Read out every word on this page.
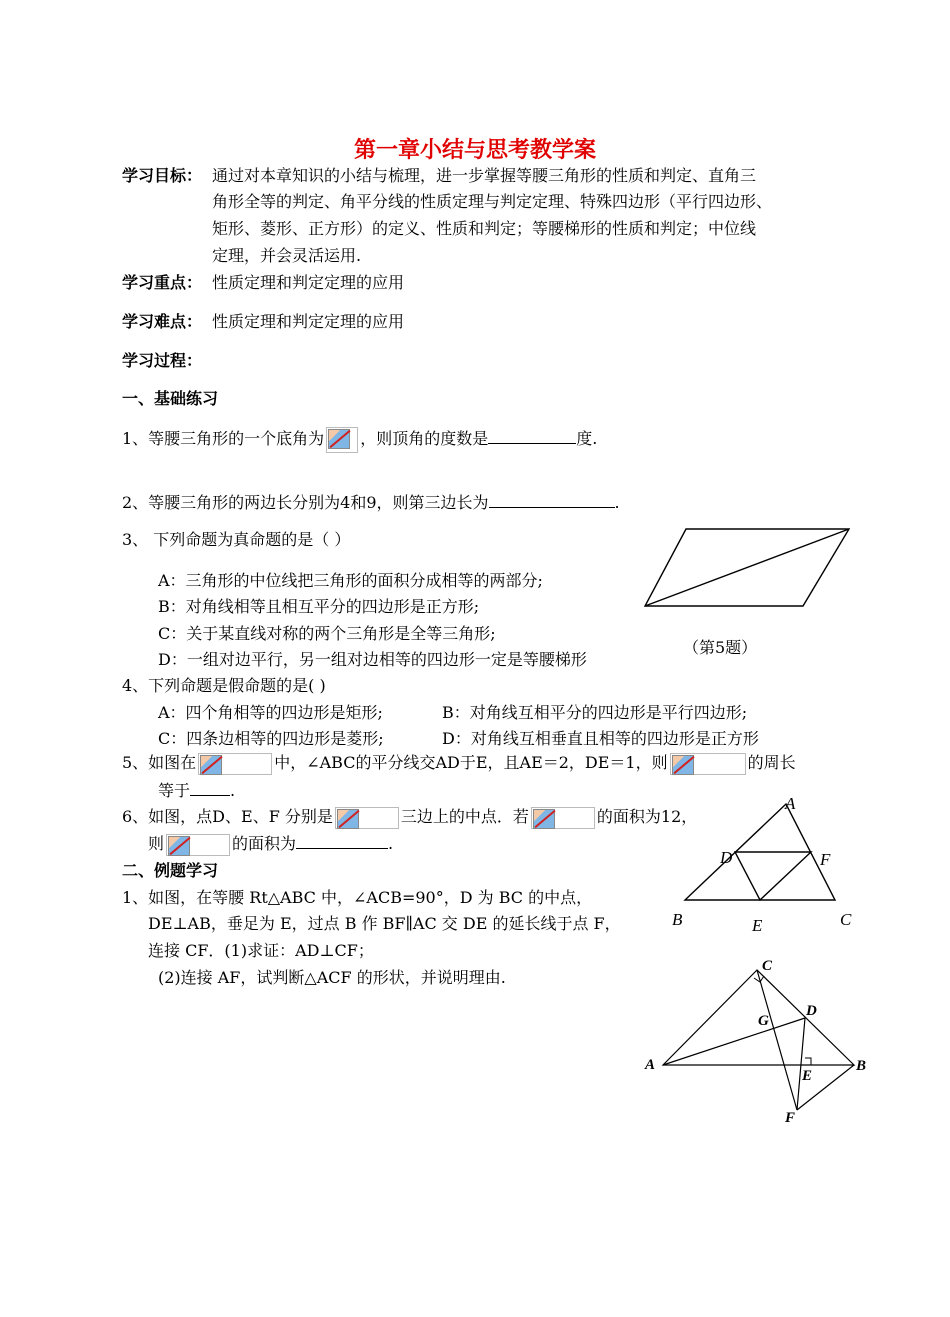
第一章小结与思考教学案
学习目标： 通过对本章知识的小结与梳理，进一步掌握等腰三角形的性质和判定、直角三
角形全等的判定、角平分线的性质定理与判定定理、特殊四边形（平行四边形、
矩形、菱形、正方形）的定义、性质和判定；等腰梯形的性质和判定；中位线
定理，并会灵活运用.
学习重点： 性质定理和判定定理的应用
学习难点： 性质定理和判定定理的应用
学习过程：
一、基础练习
1、等腰三角形的一个底角为 ，则顶角的度数是	度.
2、等腰三角形的两边长分别为4和9，则第三边长为	.
3、 下列命题为真命题的是（ ）
A：三角形的中位线把三角形的面积分成相等的两部分;
B：对角线相等且相互平分的四边形是正方形;
C：关于某直线对称的两个三角形是全等三角形;
D：一组对边平行，另一组对边相等的四边形一定是等腰梯形
（第5题）
4、下列命题是假命题的是( )
A：四个角相等的四边形是矩形;	B：对角线互相平分的四边形是平行四边形;
C：四条边相等的四边形是菱形;	D：对角线互相垂直且相等的四边形是正方形
5、如图在	中，∠ABC的平分线交AD于E，且AE＝2，DE＝1，则	的周长
等于	.
6、如图，点D、E、F 分别是	三边上的中点．若	的面积为12，
则	的面积为	.
A
D	F
B	E	C
二、例题学习
1、如图，在等腰 Rt△ABC 中，∠ACB=90°，D 为 BC 的中点，
DE⊥AB，垂足为 E，过点 B 作 BF∥AC 交 DE 的延长线于点 F，
连接 CF．(1)求证：AD⊥CF；
(2)连接 AF，试判断△ACF 的形状，并说明理由.
C
D
G
A
E
B
F
